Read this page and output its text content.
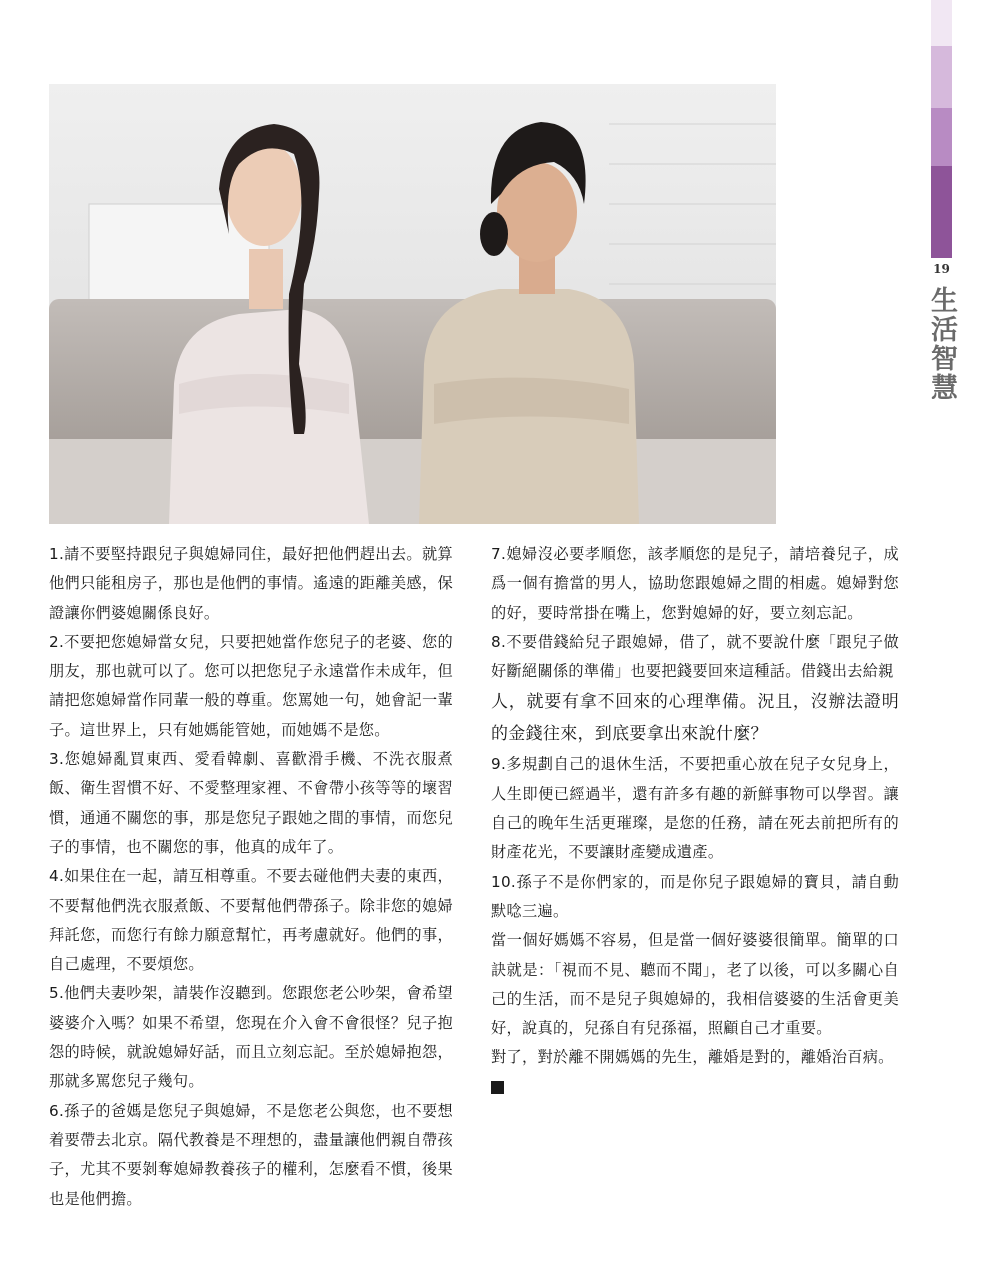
19
生活智慧

1.請不要堅持跟兒子與媳婦同住，最好把他們趕出去。就算他們只能租房子，那也是他們的事情。遙遠的距離美感，保證讓你們婆媳關係良好。

2.不要把您媳婦當女兒，只要把她當作您兒子的老婆、您的朋友，那也就可以了。您可以把您兒子永遠當作未成年，但請把您媳婦當作同輩一般的尊重。您罵她一句，她會記一輩子。這世界上，只有她媽能管她，而她媽不是您。

3.您媳婦亂買東西、愛看韓劇、喜歡滑手機、不洗衣服煮飯、衛生習慣不好、不愛整理家裡、不會帶小孩等等的壞習慣，通通不關您的事，那是您兒子跟她之間的事情，而您兒子的事情，也不關您的事，他真的成年了。

4.如果住在一起，請互相尊重。不要去碰他們夫妻的東西，不要幫他們洗衣服煮飯、不要幫他們帶孫子。除非您的媳婦拜託您，而您行有餘力願意幫忙，再考慮就好。他們的事，自己處理，不要煩您。

5.他們夫妻吵架，請裝作沒聽到。您跟您老公吵架，會希望婆婆介入嗎？如果不希望，您現在介入會不會很怪？兒子抱怨的時候，就說媳婦好話，而且立刻忘記。至於媳婦抱怨，那就多罵您兒子幾句。

6.孫子的爸媽是您兒子與媳婦，不是您老公與您，也不要想着要帶去北京。隔代教養是不理想的，盡量讓他們親自帶孩子，尤其不要剝奪媳婦教養孩子的權利，怎麼看不慣，後果也是他們擔。

7.媳婦沒必要孝順您，該孝順您的是兒子，請培養兒子，成爲一個有擔當的男人，協助您跟媳婦之間的相處。媳婦對您的好，要時常掛在嘴上，您對媳婦的好，要立刻忘記。

8.不要借錢給兒子跟媳婦，借了，就不要說什麼「跟兒子做好斷絕關係的準備」也要把錢要回來這種話。借錢出去給親

人，就要有拿不回來的心理準備。況且，沒辦法證明的金錢往來，到底要拿出來說什麼？

9.多規劃自己的退休生活，不要把重心放在兒子女兒身上，人生即便已經過半，還有許多有趣的新鮮事物可以學習。讓自己的晚年生活更璀璨，是您的任務，請在死去前把所有的財產花光，不要讓財產變成遺產。

10.孫子不是你們家的，而是你兒子跟媳婦的寶貝，請自動默唸三遍。

當一個好媽媽不容易，但是當一個好婆婆很簡單。簡單的口訣就是：「視而不見、聽而不聞」，老了以後，可以多關心自己的生活，而不是兒子與媳婦的，我相信婆婆的生活會更美好，說真的，兒孫自有兒孫福，照顧自己才重要。

對了，對於離不開媽媽的先生，離婚是對的，離婚治百病。
